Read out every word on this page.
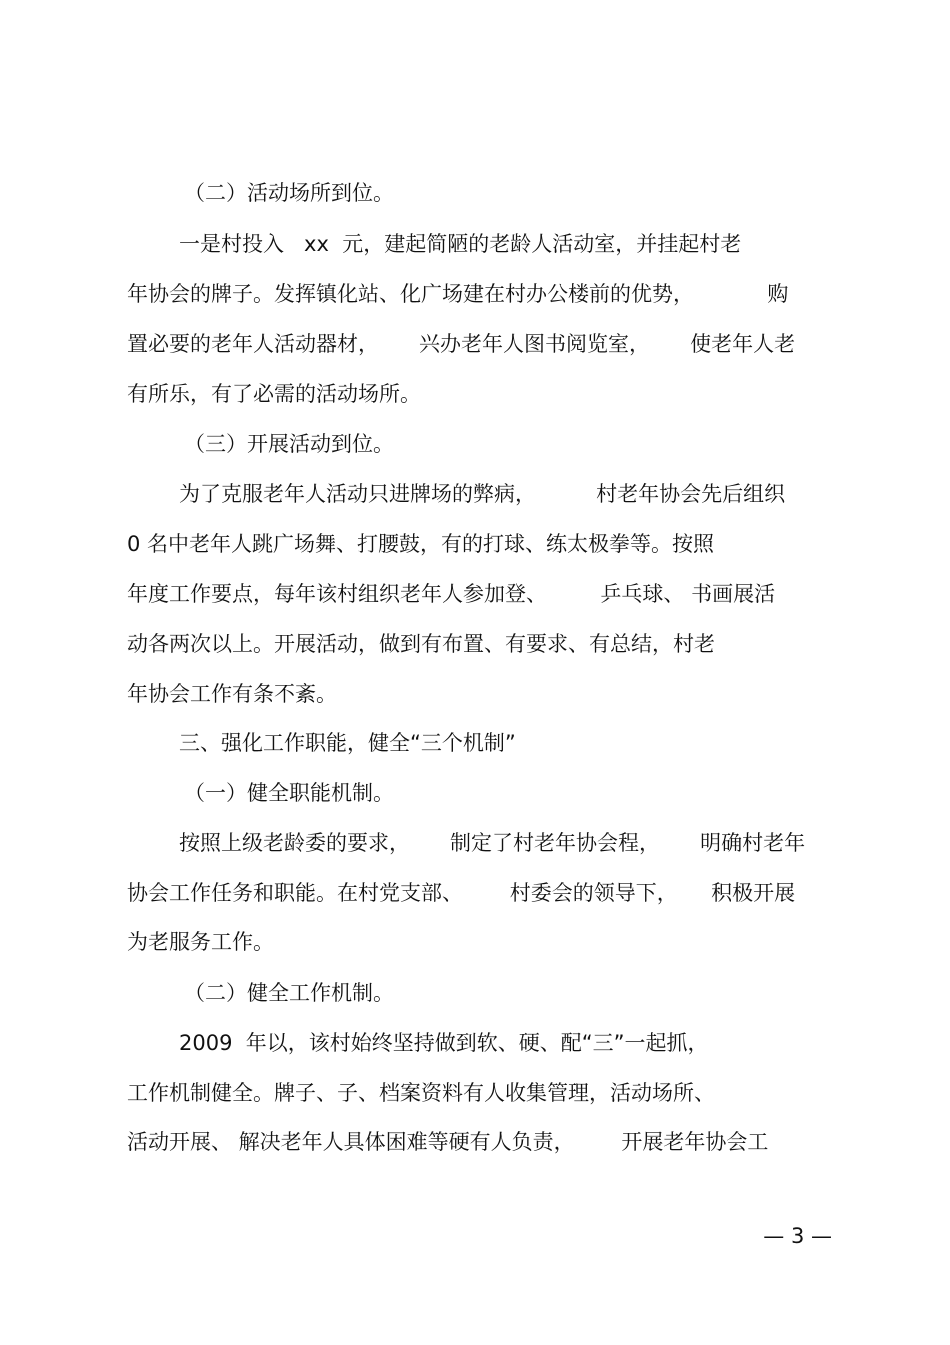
（二）活动场所到位。

一是村投入   xx  元，建起简陋的老龄人活动室，并挂起村老

年协会的牌子。发挥镇化站、化广场建在村办公楼前的优势，           购

置必要的老年人活动器材，      兴办老年人图书阅览室，      使老年人老

有所乐，有了必需的活动场所。

（三）开展活动到位。

为了克服老年人活动只进牌场的弊病，         村老年协会先后组织

0 名中老年人跳广场舞、打腰鼓，有的打球、练太极拳等。按照

年度工作要点，每年该村组织老年人参加登、        乒乓球、 书画展活

动各两次以上。开展活动，做到有布置、有要求、有总结，村老

年协会工作有条不紊。

三、强化工作职能，健全“三个机制”

（一）健全职能机制。

按照上级老龄委的要求，      制定了村老年协会程，      明确村老年

协会工作任务和职能。在村党支部、       村委会的领导下，     积极开展

为老服务工作。

（二）健全工作机制。

2009  年以，该村始终坚持做到软、硬、配“三”一起抓，

工作机制健全。牌子、子、档案资料有人收集管理，活动场所、

活动开展、 解决老年人具体困难等硬有人负责，       开展老年协会工

— 3 —
